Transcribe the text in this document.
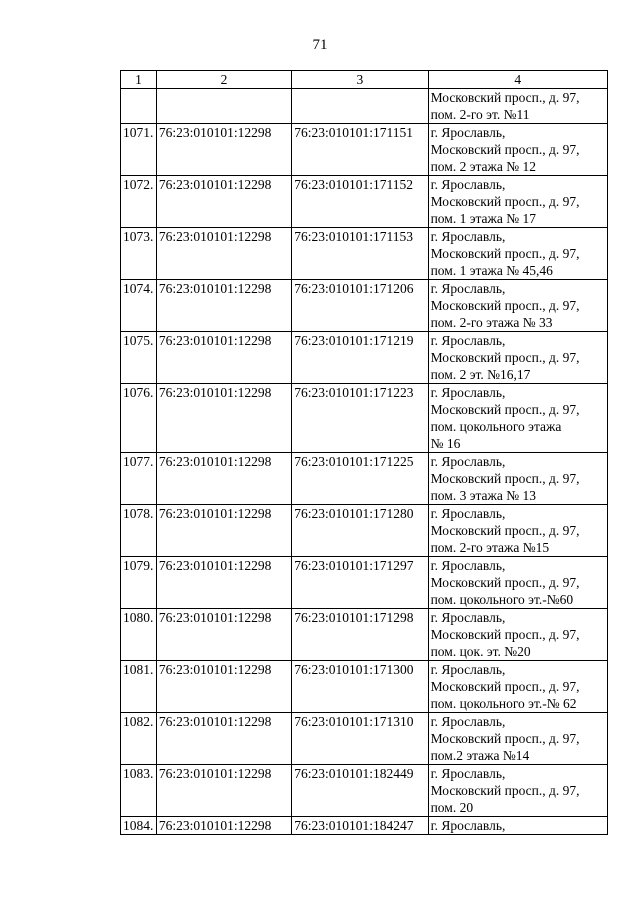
71
1	2	3	4

			Московский просп., д. 97,
пом. 2-го эт. №11

1071.	76:23:010101:12298	76:23:010101:171151	г. Ярославль,
Московский просп., д. 97,
пом. 2 этажа № 12

1072.	76:23:010101:12298	76:23:010101:171152	г. Ярославль,
Московский просп., д. 97,
пом. 1 этажа № 17

1073.	76:23:010101:12298	76:23:010101:171153	г. Ярославль,
Московский просп., д. 97,
пом. 1 этажа № 45,46

1074.	76:23:010101:12298	76:23:010101:171206	г. Ярославль,
Московский просп., д. 97,
пом. 2-го этажа № 33

1075.	76:23:010101:12298	76:23:010101:171219	г. Ярославль,
Московский просп., д. 97,
пом. 2 эт. №16,17

1076.	76:23:010101:12298	76:23:010101:171223	г. Ярославль,
Московский просп., д. 97,
пом. цокольного этажа
№ 16

1077.	76:23:010101:12298	76:23:010101:171225	г. Ярославль,
Московский просп., д. 97,
пом. 3 этажа № 13

1078.	76:23:010101:12298	76:23:010101:171280	г. Ярославль,
Московский просп., д. 97,
пом. 2-го этажа №15

1079.	76:23:010101:12298	76:23:010101:171297	г. Ярославль,
Московский просп., д. 97,
пом. цокольного эт.-№60

1080.	76:23:010101:12298	76:23:010101:171298	г. Ярославль,
Московский просп., д. 97,
пом. цок. эт. №20

1081.	76:23:010101:12298	76:23:010101:171300	г. Ярославль,
Московский просп., д. 97,
пом. цокольного эт.-№ 62

1082.	76:23:010101:12298	76:23:010101:171310	г. Ярославль,
Московский просп., д. 97,
пом.2 этажа №14

1083.	76:23:010101:12298	76:23:010101:182449	г. Ярославль,
Московский просп., д. 97,
пом. 20

1084.	76:23:010101:12298	76:23:010101:184247	г. Ярославль,
